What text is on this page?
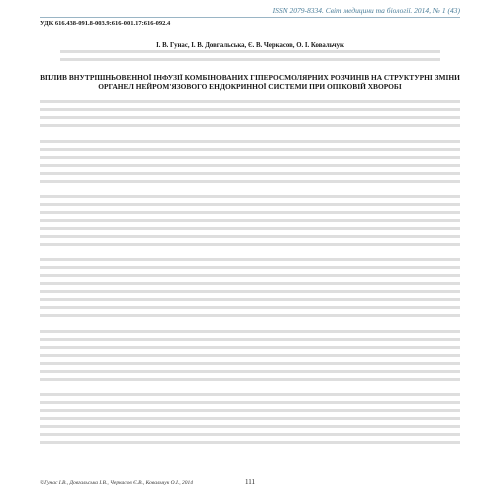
ISSN 2079-8334. Світ медицини та біології. 2014, № 1 (43)
УДК 616.438-091.8-003.9:616-001.17:616-092.4
І. В. Гунас, І. В. Довгальська, Є. В. Черкасов, О. І. Ковальчук
ВПЛИВ ВНУТРІШНЬОВЕННОЇ ІНФУЗІЇ КОМБІНОВАНИХ ГІПЕРОСМОЛЯРНИХ РОЗЧИНІВ НА СТРУКТУРНІ ЗМІНИ ОРГАНЕЛ НЕЙРОМ'ЯЗОВОГО ЕНДОКРИННОЇ СИСТЕМИ ПРИ ОПІКОВІЙ ХВОРОБІ
©Гунас І.В., Довгальська І.В., Черкасов Є.В., Ковальчук О.І., 2014	111
